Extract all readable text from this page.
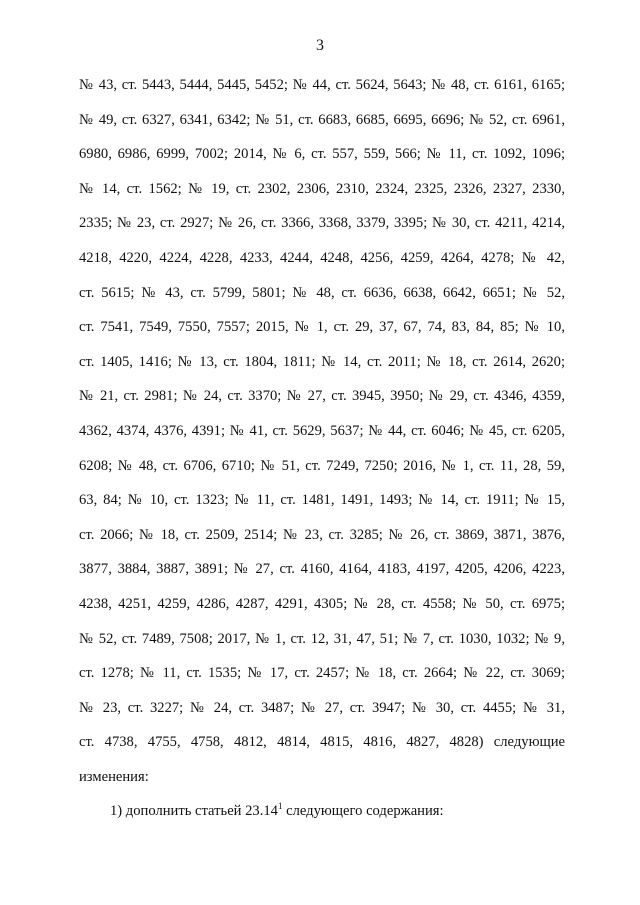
3
№ 43, ст. 5443, 5444, 5445, 5452; № 44, ст. 5624, 5643; № 48, ст. 6161, 6165;
№ 49, ст. 6327, 6341, 6342; № 51, ст. 6683, 6685, 6695, 6696; № 52, ст. 6961,
6980, 6986, 6999, 7002; 2014, № 6, ст. 557, 559, 566; № 11, ст. 1092, 1096;
№ 14, ст. 1562; № 19, ст. 2302, 2306, 2310, 2324, 2325, 2326, 2327, 2330,
2335; № 23, ст. 2927; № 26, ст. 3366, 3368, 3379, 3395; № 30, ст. 4211, 4214,
4218, 4220, 4224, 4228, 4233, 4244, 4248, 4256, 4259, 4264, 4278; № 42,
ст. 5615; № 43, ст. 5799, 5801; № 48, ст. 6636, 6638, 6642, 6651; № 52,
ст. 7541, 7549, 7550, 7557; 2015, № 1, ст. 29, 37, 67, 74, 83, 84, 85; № 10,
ст. 1405, 1416; № 13, ст. 1804, 1811; № 14, ст. 2011; № 18, ст. 2614, 2620;
№ 21, ст. 2981; № 24, ст. 3370; № 27, ст. 3945, 3950; № 29, ст. 4346, 4359,
4362, 4374, 4376, 4391; № 41, ст. 5629, 5637; № 44, ст. 6046; № 45, ст. 6205,
6208; № 48, ст. 6706, 6710; № 51, ст. 7249, 7250; 2016, № 1, ст. 11, 28, 59,
63, 84; № 10, ст. 1323; № 11, ст. 1481, 1491, 1493; № 14, ст. 1911; № 15,
ст. 2066; № 18, ст. 2509, 2514; № 23, ст. 3285; № 26, ст. 3869, 3871, 3876,
3877, 3884, 3887, 3891; № 27, ст. 4160, 4164, 4183, 4197, 4205, 4206, 4223,
4238, 4251, 4259, 4286, 4287, 4291, 4305; № 28, ст. 4558; № 50, ст. 6975;
№ 52, ст. 7489, 7508; 2017, № 1, ст. 12, 31, 47, 51; № 7, ст. 1030, 1032; № 9,
ст. 1278; № 11, ст. 1535; № 17, ст. 2457; № 18, ст. 2664; № 22, ст. 3069;
№ 23, ст. 3227; № 24, ст. 3487; № 27, ст. 3947; № 30, ст. 4455; № 31,
ст. 4738, 4755, 4758, 4812, 4814, 4815, 4816, 4827, 4828) следующие
изменения:
1) дополнить статьей 23.14$^1$ следующего содержания:
